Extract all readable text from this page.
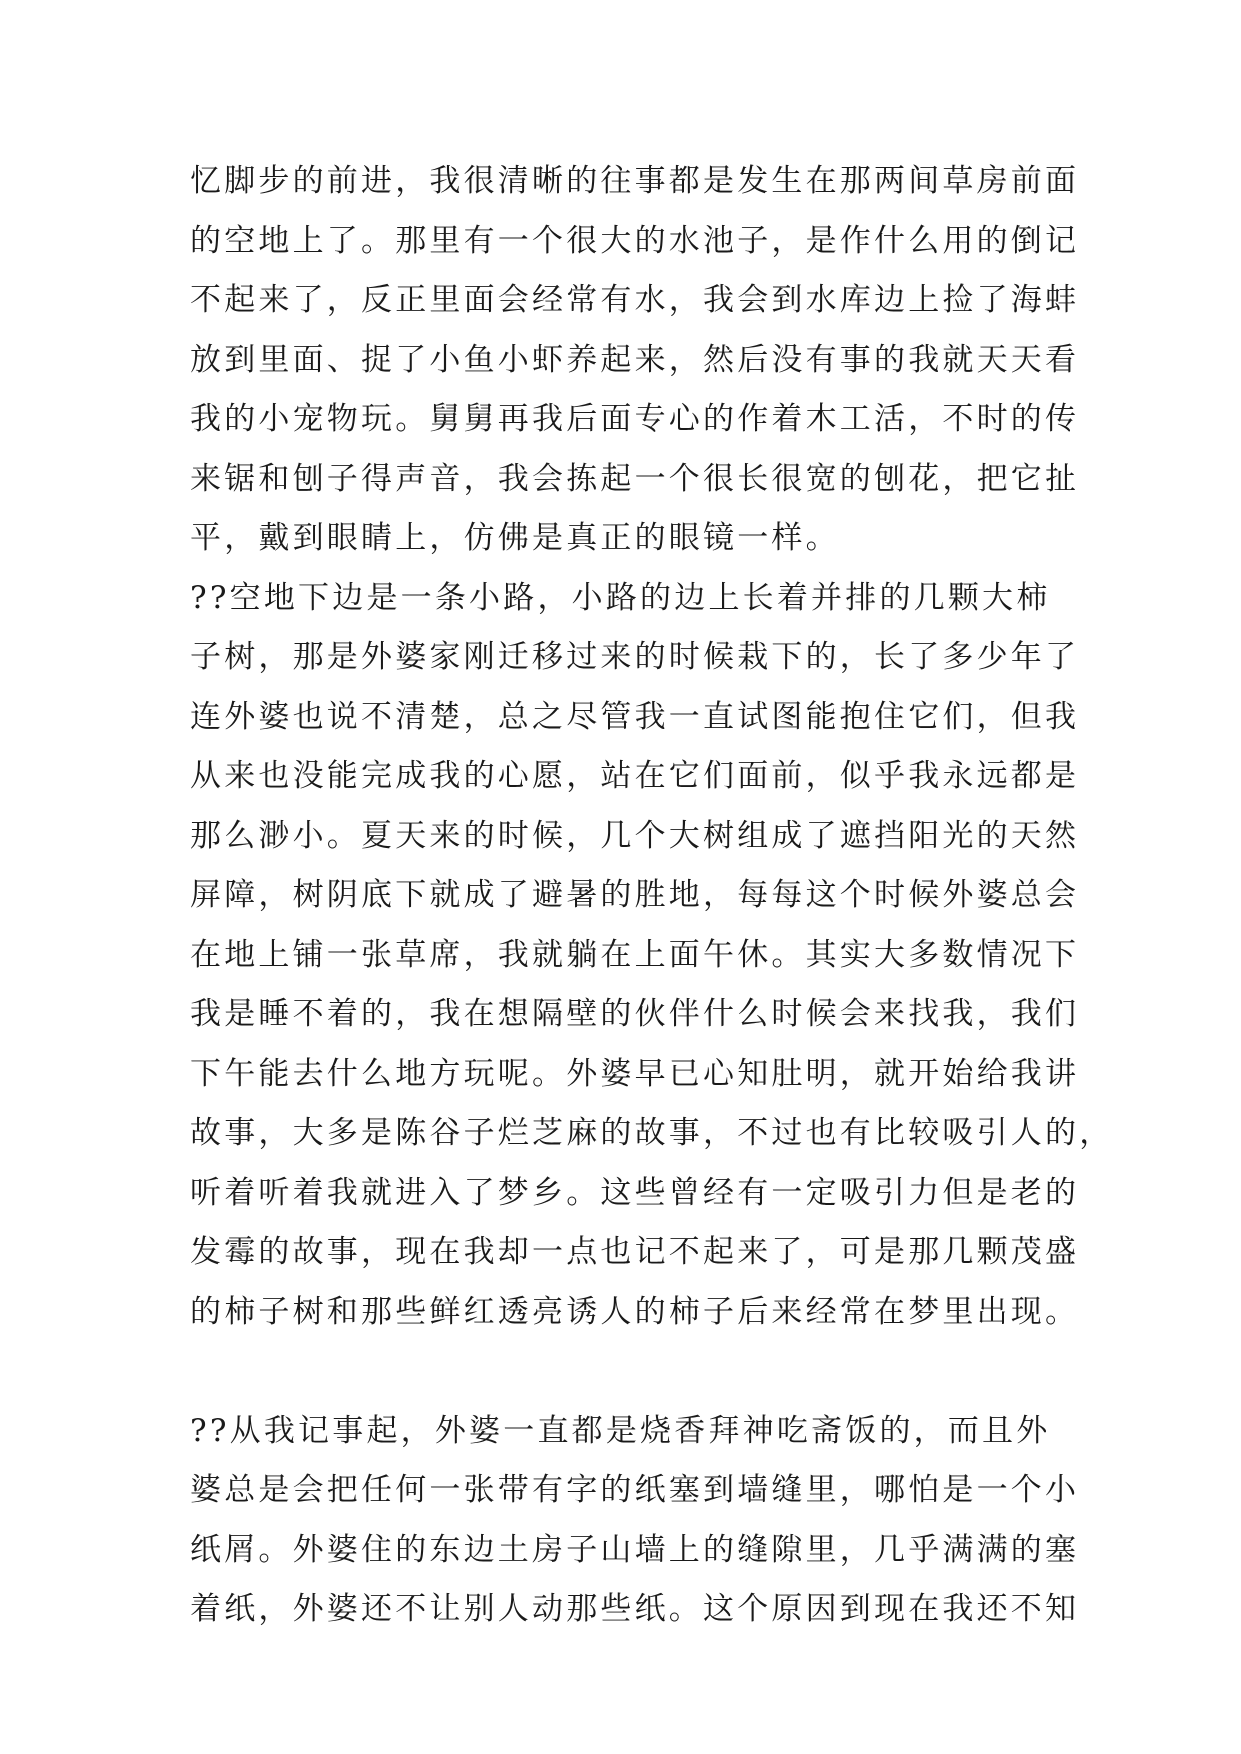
忆脚步的前进，我很清晰的往事都是发生在那两间草房前面
的空地上了。那里有一个很大的水池子，是作什么用的倒记
不起来了，反正里面会经常有水，我会到水库边上捡了海蚌
放到里面、捉了小鱼小虾养起来，然后没有事的我就天天看
我的小宠物玩。舅舅再我后面专心的作着木工活，不时的传
来锯和刨子得声音，我会拣起一个很长很宽的刨花，把它扯
平，戴到眼睛上，仿佛是真正的眼镜一样。
??空地下边是一条小路，小路的边上长着并排的几颗大柿
子树，那是外婆家刚迁移过来的时候栽下的，长了多少年了
连外婆也说不清楚，总之尽管我一直试图能抱住它们，但我
从来也没能完成我的心愿，站在它们面前，似乎我永远都是
那么渺小。夏天来的时候，几个大树组成了遮挡阳光的天然
屏障，树阴底下就成了避暑的胜地，每每这个时候外婆总会
在地上铺一张草席，我就躺在上面午休。其实大多数情况下
我是睡不着的，我在想隔壁的伙伴什么时候会来找我，我们
下午能去什么地方玩呢。外婆早已心知肚明，就开始给我讲
故事，大多是陈谷子烂芝麻的故事，不过也有比较吸引人的，
听着听着我就进入了梦乡。这些曾经有一定吸引力但是老的
发霉的故事，现在我却一点也记不起来了，可是那几颗茂盛
的柿子树和那些鲜红透亮诱人的柿子后来经常在梦里出现。
??从我记事起，外婆一直都是烧香拜神吃斋饭的，而且外
婆总是会把任何一张带有字的纸塞到墙缝里，哪怕是一个小
纸屑。外婆住的东边土房子山墙上的缝隙里，几乎满满的塞
着纸，外婆还不让别人动那些纸。这个原因到现在我还不知
